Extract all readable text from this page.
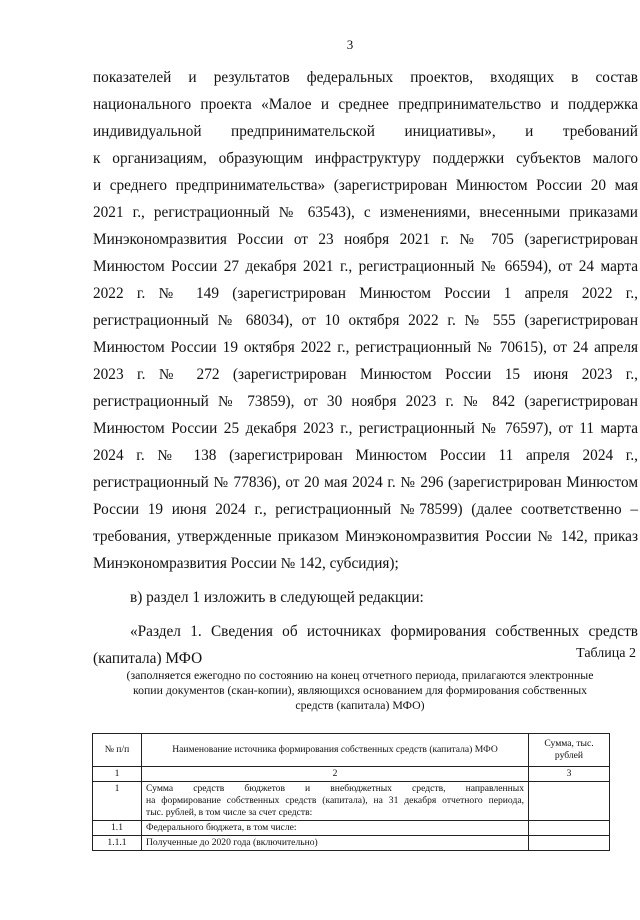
3
показателей и результатов федеральных проектов, входящих в состав
национального проекта «Малое и среднее предпринимательство и поддержка
индивидуальной предпринимательской инициативы», и требований
к организациям, образующим инфраструктуру поддержки субъектов малого
и среднего предпринимательства» (зарегистрирован Минюстом России 20 мая
2021 г., регистрационный № 63543), с изменениями, внесенными приказами
Минэкономразвития России от 23 ноября 2021 г. № 705 (зарегистрирован
Минюстом России 27 декабря 2021 г., регистрационный № 66594), от 24 марта
2022 г. № 149 (зарегистрирован Минюстом России 1 апреля 2022 г.,
регистрационный № 68034), от 10 октября 2022 г. № 555 (зарегистрирован
Минюстом России 19 октября 2022 г., регистрационный № 70615), от 24 апреля
2023 г. № 272 (зарегистрирован Минюстом России 15 июня 2023 г.,
регистрационный № 73859), от 30 ноября 2023 г. № 842 (зарегистрирован
Минюстом России 25 декабря 2023 г., регистрационный № 76597), от 11 марта
2024 г. № 138 (зарегистрирован Минюстом России 11 апреля 2024 г.,
регистрационный № 77836), от 20 мая 2024 г. № 296 (зарегистрирован Минюстом
России 19 июня 2024 г., регистрационный №78599) (далее соответственно –
требования, утвержденные приказом Минэкономразвития России № 142, приказ
Минэкономразвития России № 142, субсидия);
в) раздел 1 изложить в следующей редакции:
«Раздел 1. Сведения об источниках формирования собственных средств
(капитала) МФО	Таблица 2
(заполняется ежегодно по состоянию на конец отчетного периода, прилагаются электронные
копии документов (скан-копии), являющихся основанием для формирования собственных
средств (капитала) МФО)
№ п/п	Наименование источника формирования собственных средств (капитала) МФО	Сумма, тыс. рублей
1	2	3
1	Сумма средств бюджетов и внебюджетных средств, направленных
на формирование собственных средств (капитала), на 31 декабря отчетного периода,
тыс. рублей, в том числе за счет средств:	

1.1	Федерального бюджета, в том числе:	
1.1.1	Полученные до 2020 года (включительно)	
